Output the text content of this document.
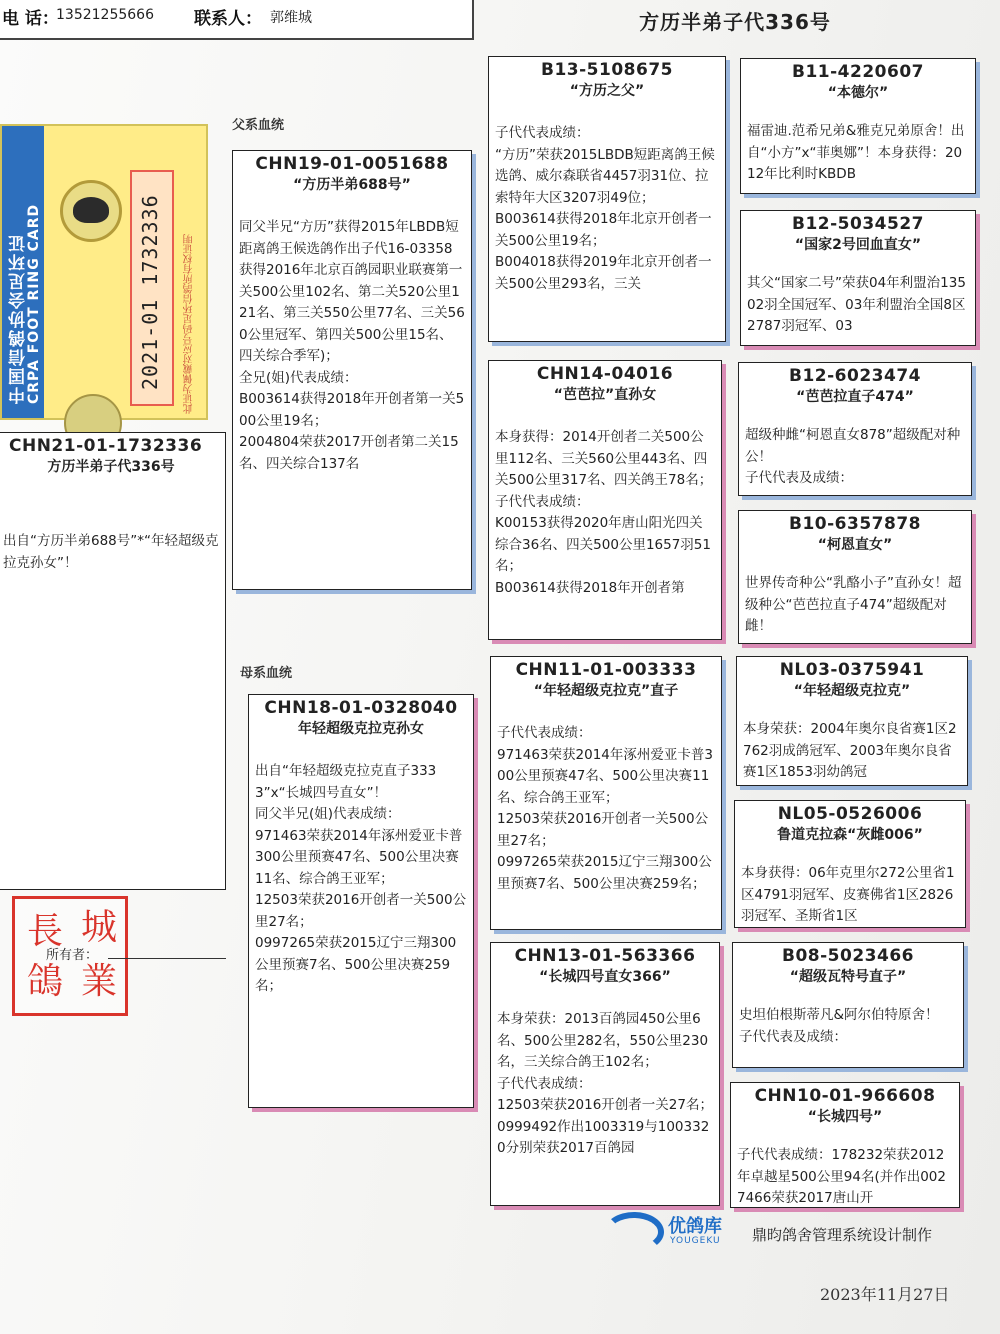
电 话：
13521255666 联系人： 郭维城	方历半弟子代336号
父系血统
母系血统
中国信鸽协会足环证
CRPA FOOT RING CARD	2021-01 1732336 此证为佩戴对应号码足环信鸽所有权证明
CHN21-01-1732336
方历半弟子代336号
出自“方历半弟688号”*“年轻超级克拉克孙女”！
長 城
鴿 業
所有者：
CHN19-01-0051688
“方历半弟688号”
同父半兄“方历”获得2015年LBDB短距离鸽王候选鸽作出子代16-03358获得2016年北京百鸽园职业联赛第一关500公里102名、第二关520公里121名、第三关550公里77名、三关560公里冠军、第四关500公里15名、四关综合季军)；
全兄(姐)代表成绩：
B003614获得2018年开创者第一关500公里19名；
2004804荣获2017开创者第二关15名、四关综合137名
CHN18-01-0328040
年轻超级克拉克孙女
出自“年轻超级克拉克直子3333”x“长城四号直女”！
同父半兄(姐)代表成绩：
971463荣获2014年涿州爱亚卡普300公里预赛47名、500公里决赛11名、综合鸽王亚军；
12503荣获2016开创者一关500公里27名；
0997265荣获2015辽宁三翔300公里预赛7名、500公里决赛259名；
B13-5108675
“方历之父”
子代代表成绩：
“方历”荣获2015LBDB短距离鸽王候选鸽、威尔森联省4457羽31位、拉索特年大区3207羽49位；
B003614获得2018年北京开创者一关500公里19名；
B004018获得2019年北京开创者一关500公里293名，三关
CHN14-04016
“芭芭拉”直孙女
本身获得：2014开创者二关500公里112名、三关560公里443名、四关500公里317名、四关鸽王78名；
子代代表成绩：
K00153获得2020年唐山阳光四关综合36名、四关500公里1657羽51名；
B003614获得2018年开创者第
CHN11-01-003333
“年轻超级克拉克”直子
子代代表成绩：
971463荣获2014年涿州爱亚卡普300公里预赛47名、500公里决赛11名、综合鸽王亚军；
12503荣获2016开创者一关500公里27名；
0997265荣获2015辽宁三翔300公里预赛7名、500公里决赛259名；
CHN13-01-563366
“长城四号直女366”
本身荣获：2013百鸽园450公里6名、500公里282名，550公里230名，三关综合鸽王102名；
子代代表成绩：
12503荣获2016开创者一关27名；
0999492作出1003319与1003320分别荣获2017百鸽园
B11-4220607
“本德尔”
福雷迪.范希兄弟&雅克兄弟原舍！出自“小方”x“菲奥娜”！本身获得：2012年比利时KBDB
B12-5034527
“国家2号回血直女”
其父“国家二号”荣获04年利盟治13502羽全国冠军、03年利盟治全国8区2787羽冠军、03
B12-6023474
“芭芭拉直子474”
超级种雌“柯恩直女878”超级配对种公！
子代代表及成绩：
B10-6357878
“柯恩直女”
世界传奇种公“乳酪小子”直孙女！超级种公“芭芭拉直子474”超级配对雌！
NL03-0375941
“年轻超级克拉克”
本身荣获：2004年奥尔良省赛1区2762羽成鸽冠军、2003年奥尔良省赛1区1853羽幼鸽冠
NL05-0526006
鲁道克拉森“灰雌006”
本身获得：06年克里尔272公里省1区4791羽冠军、皮赛佛省1区2826羽冠军、圣斯省1区
B08-5023466
“超级瓦特号直子”
史坦伯根斯蒂凡&阿尔伯特原舍！
子代代表及成绩：
CHN10-01-966608
“长城四号”
子代代表成绩：178232荣获2012年卓越星500公里94名(并作出0027466荣获2017唐山开
优鸽库
YOUGEKU 鼎昀鸽舍管理系统设计制作
2023年11月27日
